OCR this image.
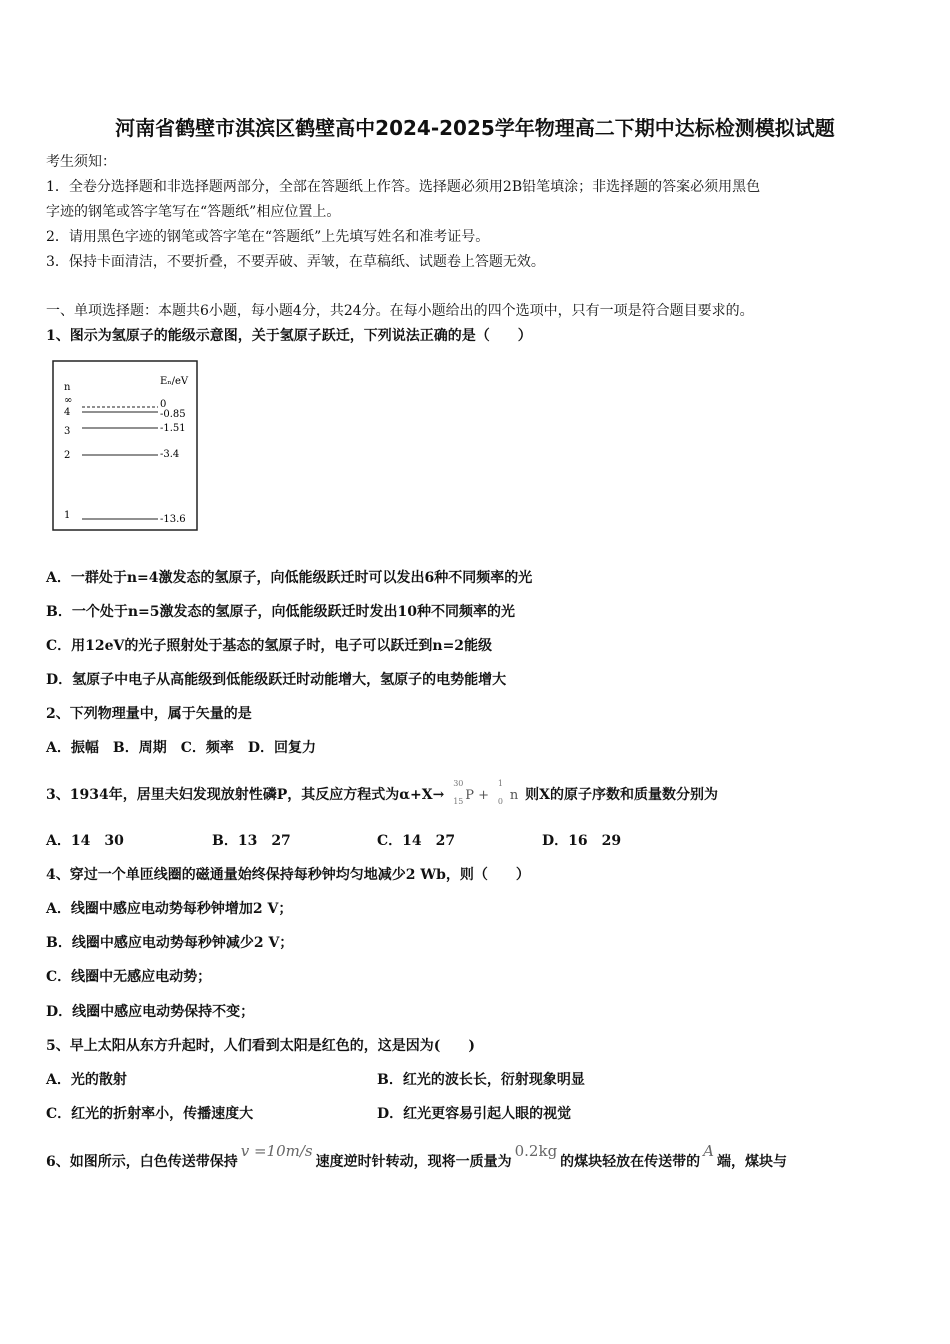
河南省鹤壁市淇滨区鹤壁高中2024-2025学年物理高二下期中达标检测模拟试题
考生须知：
1．全卷分选择题和非选择题两部分，全部在答题纸上作答。选择题必须用2B铅笔填涂；非选择题的答案必须用黑色
字迹的钢笔或答字笔写在“答题纸”相应位置上。
2．请用黑色字迹的钢笔或答字笔在“答题纸”上先填写姓名和准考证号。
3．保持卡面清洁，不要折叠，不要弄破、弄皱，在草稿纸、试题卷上答题无效。
一、单项选择题：本题共6小题，每小题4分，共24分。在每小题给出的四个选项中，只有一项是符合题目要求的。
1、图示为氢原子的能级示意图，关于氢原子跃迁，下列说法正确的是（　　）
n
Eₙ/eV
∞
4
0
-0.85
3	-1.51
2	-3.4
1	-13.6
A．一群处于n=4激发态的氢原子，向低能级跃迁时可以发出6种不同频率的光
B．一个处于n=5激发态的氢原子，向低能级跃迁时发出10种不同频率的光
C．用12eV的光子照射处于基态的氢原子时，电子可以跃迁到n=2能级
D．氢原子中电子从高能级到低能级跃迁时动能增大，氢原子的电势能增大
2、下列物理量中，属于矢量的是
A．振幅　B．周期　C．频率　D．回复力
3、1934年，居里夫妇发现放射性磷P，其反应方程式为α+X→
30
15 P +
1
0 n 则X的原子序数和质量数分别为
A．14　30	B．13　27	C．14　27	D．16　29
4、穿过一个单匝线圈的磁通量始终保持每秒钟均匀地减少2 Wb，则（　　）
A．线圈中感应电动势每秒钟增加2 V；
B．线圈中感应电动势每秒钟减少2 V；
C．线圈中无感应电动势；
D．线圈中感应电动势保持不变；
5、早上太阳从东方升起时，人们看到太阳是红色的，这是因为(　　)
A．光的散射	B．红光的波长长，衍射现象明显
C．红光的折射率小，传播速度大	D．红光更容易引起人眼的视觉
6、如图所示，白色传送带保持v =10m/s速度逆时针转动，现将一质量为0.2kg的煤块轻放在传送带的A端，煤块与
